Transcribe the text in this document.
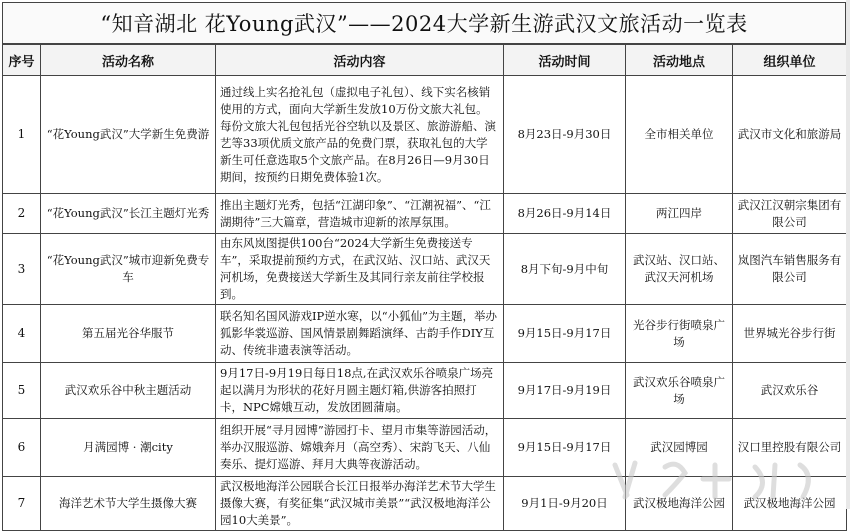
“知音湖北 花Young武汉”——2024大学新生游武汉文旅活动一览表
序号	活动名称	活动内容	活动时间	活动地点	组织单位
1	“花Young武汉”大学新生免费游	通过线上实名抢礼包（虚拟电子礼包）、线下实名核销使用的方式，面向大学新生发放10万份文旅大礼包。每份文旅大礼包包括光谷空轨以及景区、旅游游船、演艺等33项优质文旅产品的免费门票，获取礼包的大学新生可任意选取5个文旅产品。在8月26日—9月30日期间，按预约日期免费体验1次。	8月23日-9月30日	全市相关单位	武汉市文化和旅游局
2	“花Young武汉”长江主题灯光秀	推出主题灯光秀，包括“江湖印象”、“江潮祝福”、“江湖期待”三大篇章，营造城市迎新的浓厚氛围。	8月26日-9月14日	两江四岸	武汉江汉朝宗集团有限公司
3	“花Young武汉”城市迎新免费专车	由东风岚图提供100台“2024大学新生免费接送专车”，采取提前预约方式，在武汉站、汉口站、武汉天河机场，免费接送大学新生及其同行亲友前往学校报到。	8月下旬-9月中旬	武汉站、汉口站、武汉天河机场	岚图汽车销售服务有限公司
4	第五届光谷华服节	联名知名国风游戏IP逆水寒，以“小狐仙”为主题，举办狐影华裳巡游、国风情景剧舞蹈演绎、古韵手作DIY互动、传统非遗表演等活动。	9月15日-9月17日	光谷步行街喷泉广场	世界城光谷步行街
5	武汉欢乐谷中秋主题活动	9月17日-9月19日每日18点,在武汉欢乐谷喷泉广场亮起以满月为形状的花好月圆主题灯箱,供游客拍照打卡，NPC嫦娥互动，发放团圆蒲扇。	9月17日-9月19日	武汉欢乐谷喷泉广场	武汉欢乐谷
6	月满园博 · 潮city	组织开展“寻月园博”游园打卡、望月市集等游园活动，举办汉服巡游、嫦娥奔月（高空秀）、宋韵飞天、八仙奏乐、提灯巡游、拜月大典等夜游活动。	9月15日-9月17日	武汉园博园	汉口里控股有限公司
7	海洋艺术节大学生摄像大赛	武汉极地海洋公园联合长江日报举办海洋艺术节大学生摄像大赛，有奖征集“武汉城市美景”“武汉极地海洋公园10大美景”。	9月1日-9月20日	武汉极地海洋公园	武汉极地海洋公园
